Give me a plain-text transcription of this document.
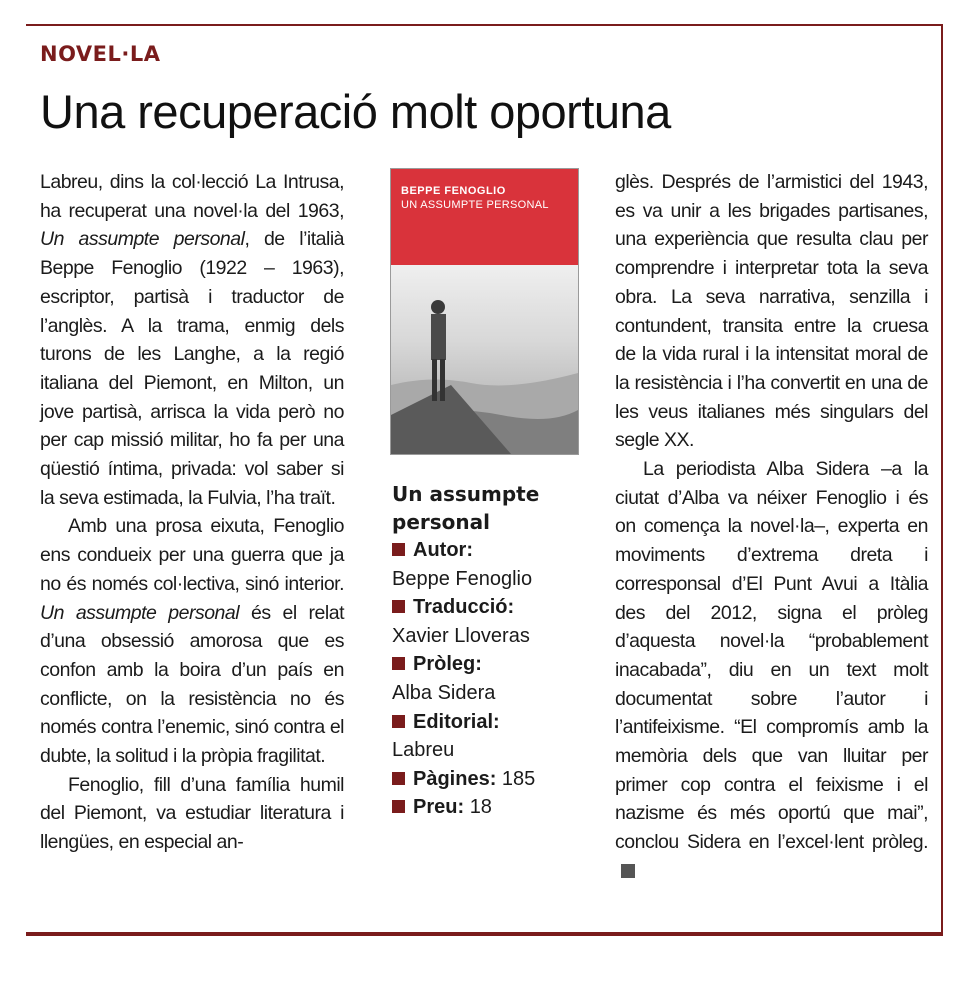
NOVEL·LA
Una recuperació molt oportuna

Labreu, dins la col·lecció La Intrusa, ha recuperat una novel·la del 1963, Un assumpte personal, de l’italià Beppe Fenoglio (1922 – 1963), escriptor, partisà i traductor de l’anglès. A la trama, enmig dels turons de les Langhe, a la regió italiana del Piemont, en Milton, un jove partisà, arrisca la vida però no per cap missió militar, ho fa per una qüestió íntima, privada: vol saber si la seva estimada, la Fulvia, l’ha traït.

Amb una prosa eixuta, Fenoglio ens condueix per una guerra que ja no és només col·lectiva, sinó interior. Un assumpte personal és el relat d’una obsessió amorosa que es confon amb la boira d’un país en conflicte, on la resistència no és només contra l’enemic, sinó contra el dubte, la solitud i la pròpia fragilitat.

Fenoglio, fill d’una família humil del Piemont, va estudiar literatura i llengües, en especial an-

BEPPE FENOGLIO
UN ASSUMPTE PERSONAL
Un assumpte personal
Autor:
Beppe Fenoglio
Traducció:
Xavier Lloveras
Pròleg:
Alba Sidera
Editorial:
Labreu
Pàgines: 185
Preu: 18

glès. Després de l’armistici del 1943, es va unir a les brigades partisanes, una experiència que resulta clau per comprendre i interpretar tota la seva obra. La seva narrativa, senzilla i contundent, transita entre la cruesa de la vida rural i la intensitat moral de la resistència i l’ha convertit en una de les veus italianes més singulars del segle XX.

La periodista Alba Sidera –a la ciutat d’Alba va néixer Fenoglio i és on comença la novel·la–, experta en moviments d’extrema dreta i corresponsal d’El Punt Avui a Itàlia des del 2012, signa el pròleg d’aquesta novel·la “probablement inacabada”, diu en un text molt documentat sobre l’autor i l’antifeixisme. “El compromís amb la memòria dels que van lluitar per primer cop contra el feixisme i el nazisme és més oportú que mai”, conclou Sidera en l’excel·lent pròleg.
